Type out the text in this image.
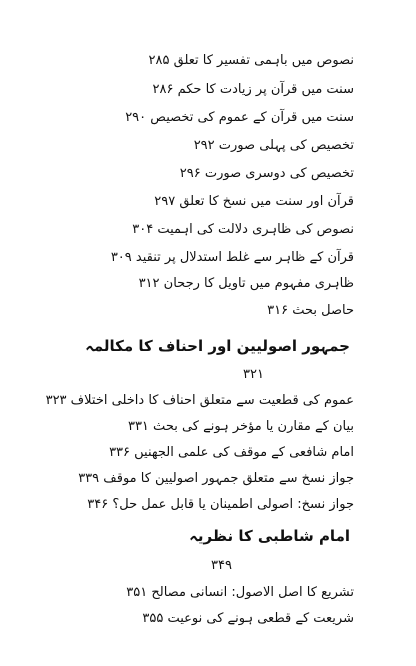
نصوص میں باہمی تفسیر کا تعلق ۲۸۵
سنت میں قرآن پر زیادت کا حکم ۲۸۶
سنت میں قرآن کے عموم کی تخصیص ۲۹۰
تخصیص کی پہلی صورت ۲۹۲
تخصیص کی دوسری صورت ۲۹۶
قرآن اور سنت میں نسخ کا تعلق ۲۹۷
نصوص کی ظاہری دلالت کی اہمیت ۳۰۴
قرآن کے ظاہر سے غلط استدلال پر تنقید ۳۰۹
ظاہری مفہوم میں تاویل کا رجحان ۳۱۲
حاصل بحث ۳۱۶
جمہور اصولیین اور احناف کا مکالمہ
۳۲۱
عموم کی قطعیت سے متعلق احناف کا داخلی اختلاف ۳۲۳
بیان کے مقارن یا مؤخر ہونے کی بحث ۳۳۱
امام شافعی کے موقف کی علمی الجھنیں ۳۳۶
جواز نسخ سے متعلق جمہور اصولیین کا موقف ۳۳۹
جواز نسخ: اصولی اطمینان یا قابل عمل حل؟ ۳۴۶
امام شاطبی کا نظریہ
۳۴۹
تشریع کا اصل الاصول: انسانی مصالح ۳۵۱
شریعت کے قطعی ہونے کی نوعیت ۳۵۵
